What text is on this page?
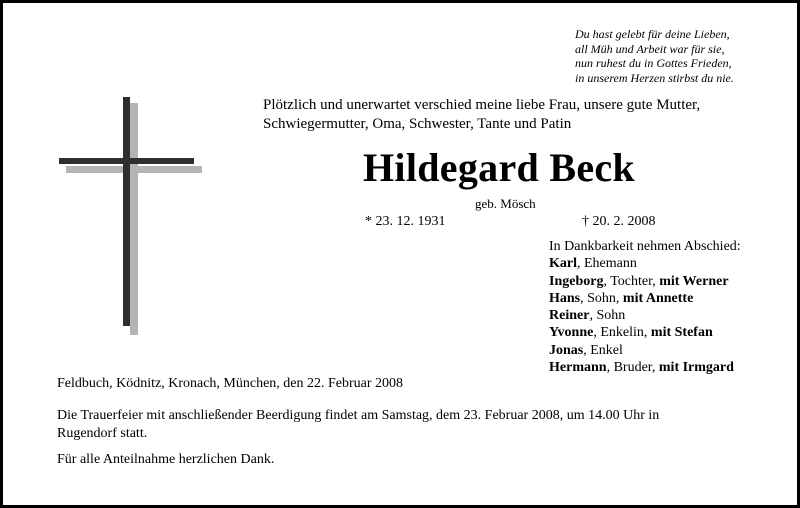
Du hast gelebt für deine Lieben,
all Müh und Arbeit war für sie,
nun ruhest du in Gottes Frieden,
in unserem Herzen stirbst du nie.
Plötzlich und unerwartet verschied meine liebe Frau, unsere gute Mutter,
Schwiegermutter, Oma, Schwester, Tante und Patin
Hildegard Beck
geb. Mösch
* 23. 12. 1931	† 20. 2. 2008
In Dankbarkeit nehmen Abschied:
Karl, Ehemann
Ingeborg, Tochter, mit Werner
Hans, Sohn, mit Annette
Reiner, Sohn
Yvonne, Enkelin, mit Stefan
Jonas, Enkel
Hermann, Bruder, mit Irmgard
Feldbuch, Ködnitz, Kronach, München, den 22. Februar 2008
Die Trauerfeier mit anschließender Beerdigung findet am Samstag, dem 23. Februar 2008, um 14.00 Uhr in
Rugendorf statt.
Für alle Anteilnahme herzlichen Dank.
